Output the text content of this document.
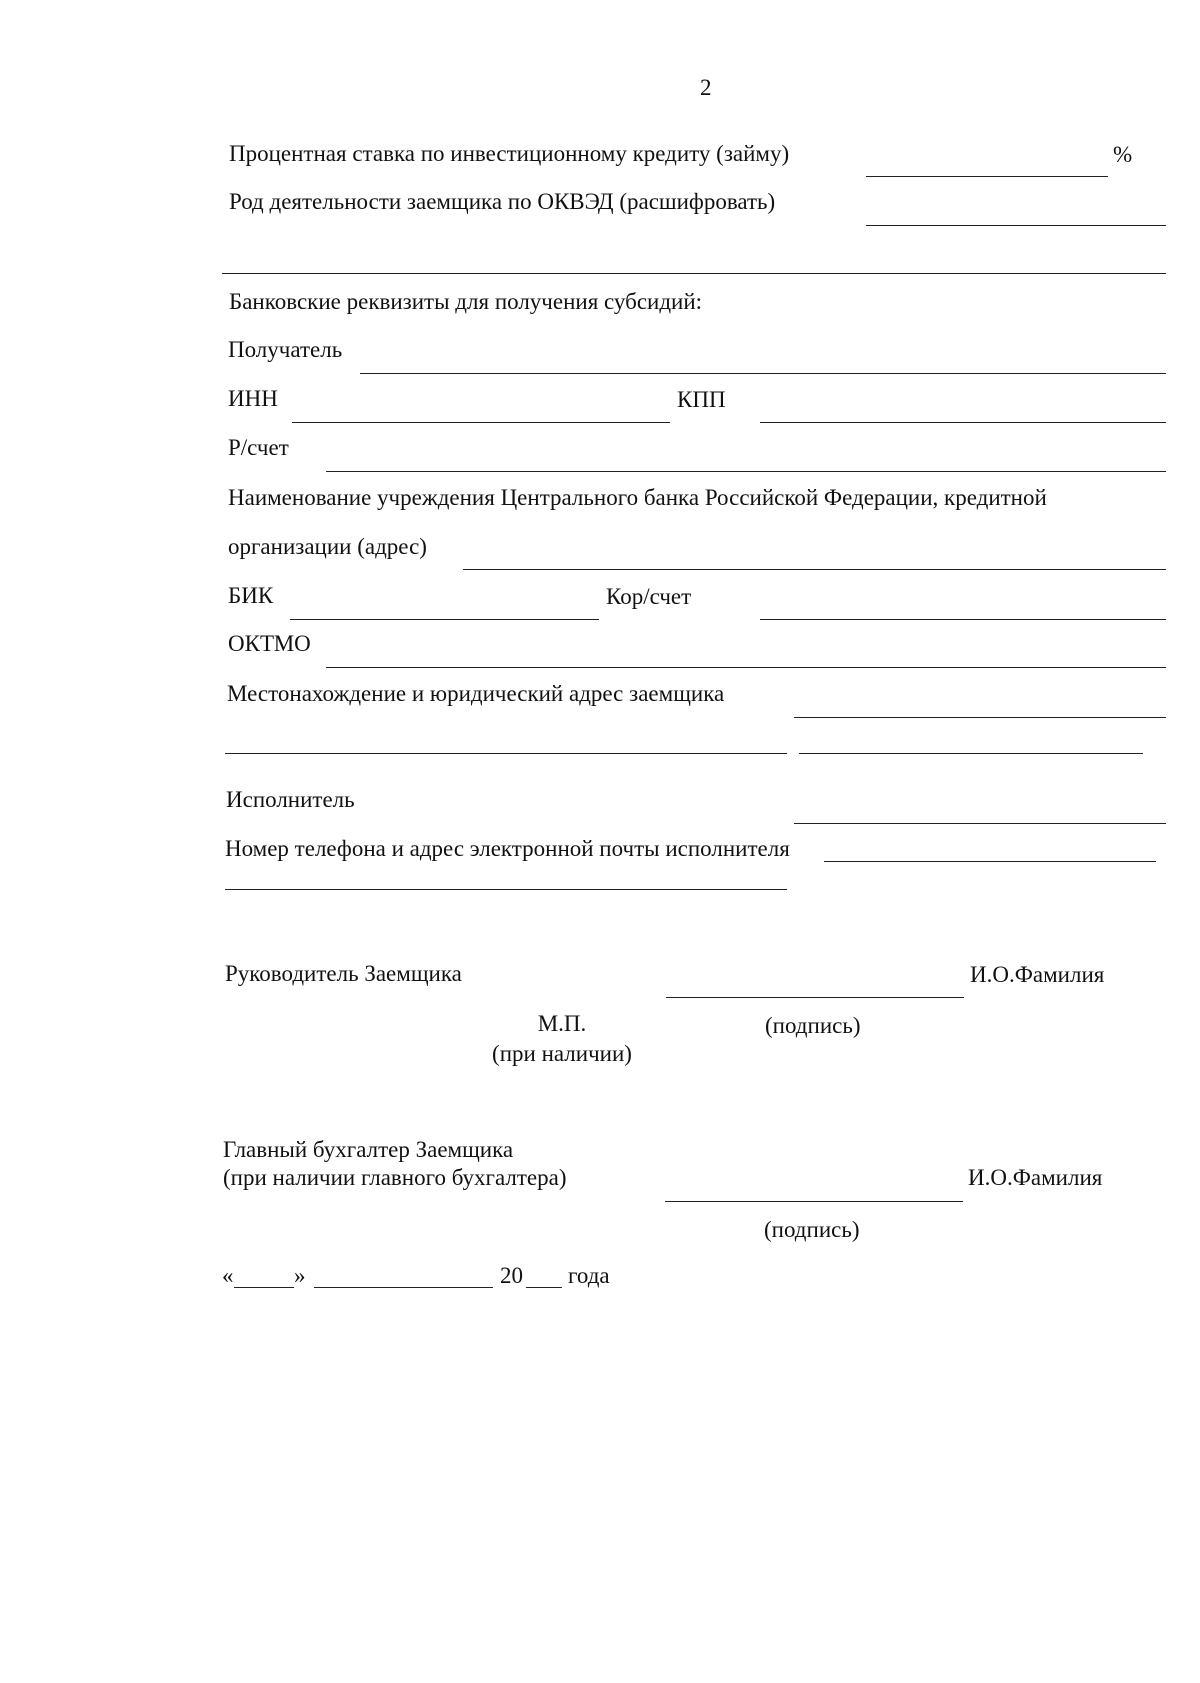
2
Процентная ставка по инвестиционному кредиту (займу)	%
Род деятельности заемщика по ОКВЭД (расшифровать)
Банковские реквизиты для получения субсидий:
Получатель
ИНН	КПП
Р/счет
Наименование учреждения Центрального банка Российской Федерации, кредитной
организации (адрес)
БИК	Кор/счет
ОКТМО
Местонахождение и юридический адрес заемщика
Исполнитель
Номер телефона и адрес электронной почты исполнителя
Руководитель Заемщика	И.О.Фамилия
(подпись)
М.П.
(при наличии)
Главный бухгалтер Заемщика
(при наличии главного бухгалтера)	И.О.Фамилия
(подпись)
«	»	20 года
